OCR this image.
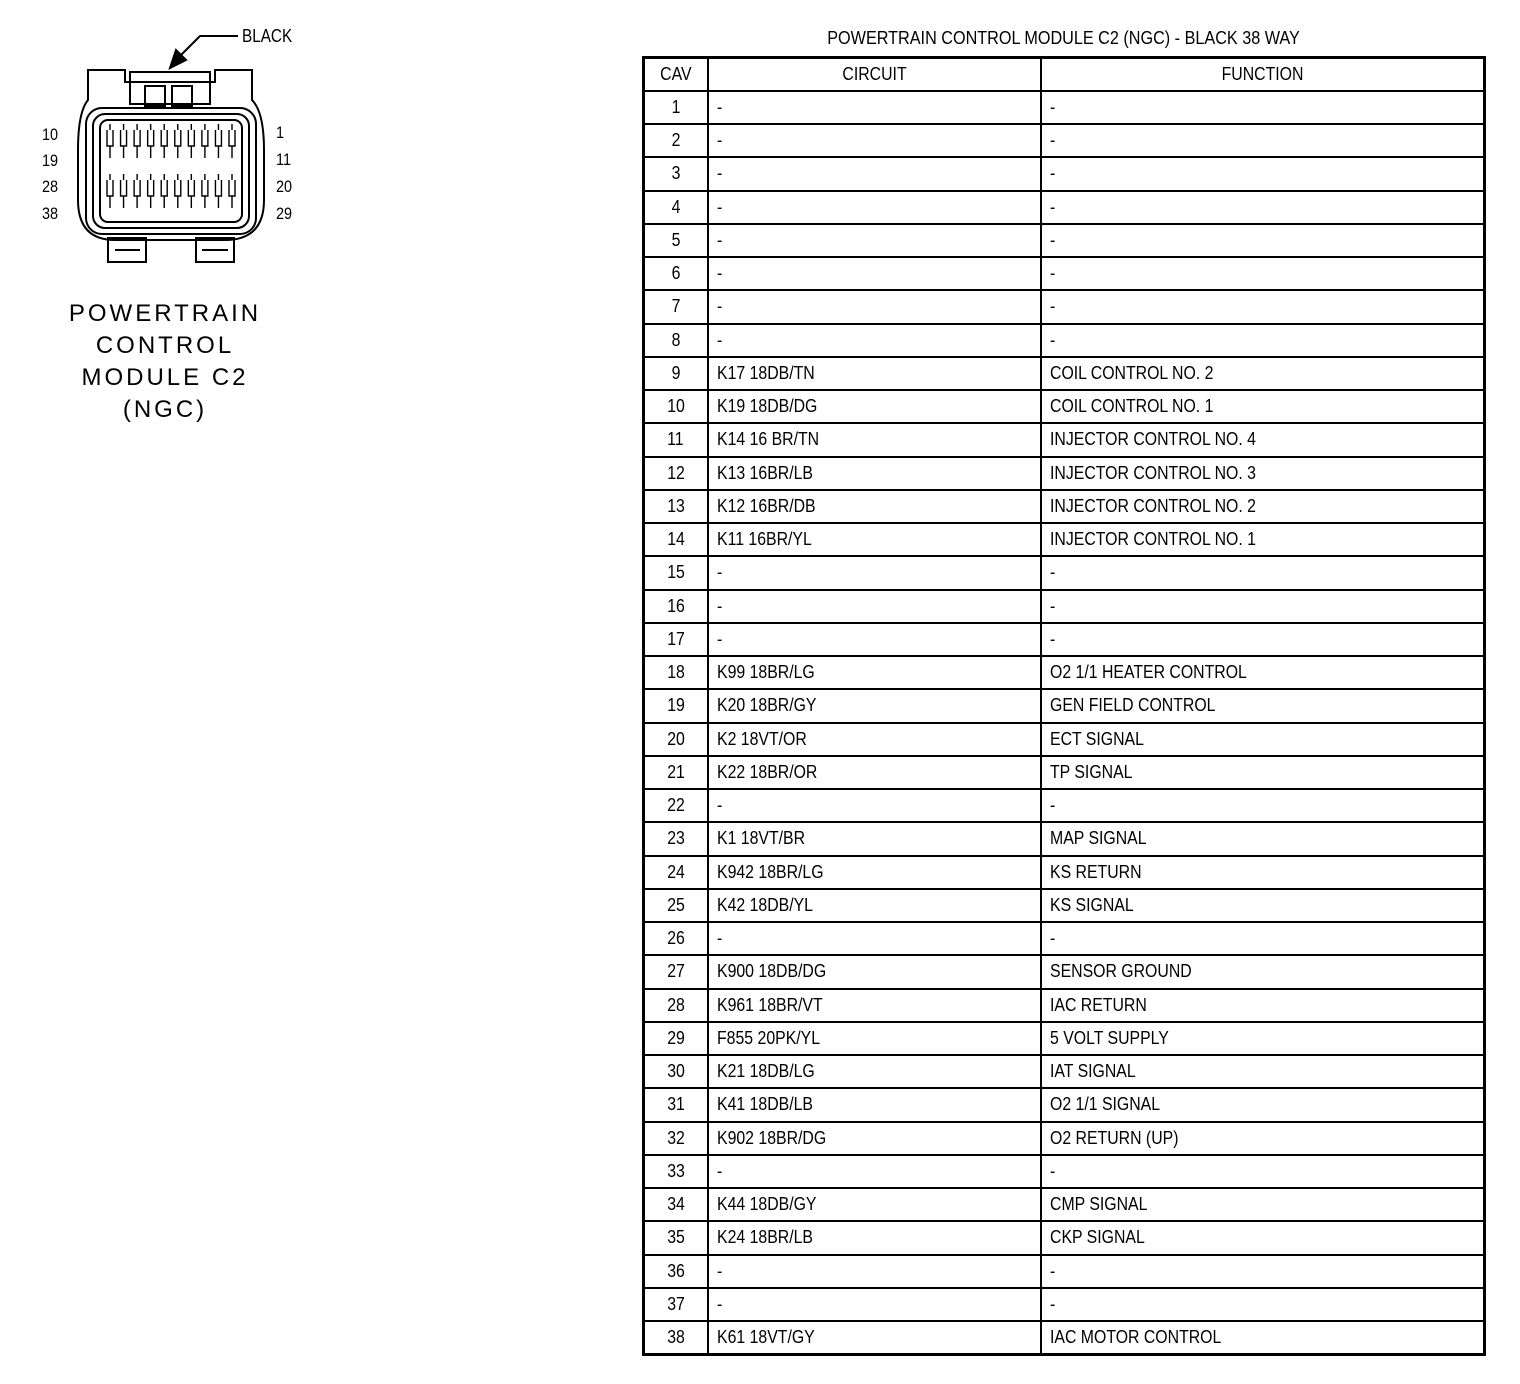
BLACK
10
19
28
38
1
11
20
29
POWERTRAIN
CONTROL
MODULE C2
(NGC)
POWERTRAIN CONTROL MODULE C2 (NGC) - BLACK 38 WAY
CAV	CIRCUIT	FUNCTION
1	-	-
2	-	-
3	-	-
4	-	-
5	-	-
6	-	-
7	-	-
8	-	-
9	K17 18DB/TN	COIL CONTROL NO. 2
10	K19 18DB/DG	COIL CONTROL NO. 1
11	K14 16 BR/TN	INJECTOR CONTROL NO. 4
12	K13 16BR/LB	INJECTOR CONTROL NO. 3
13	K12 16BR/DB	INJECTOR CONTROL NO. 2
14	K11 16BR/YL	INJECTOR CONTROL NO. 1
15	-	-
16	-	-
17	-	-
18	K99 18BR/LG	O2 1/1 HEATER CONTROL
19	K20 18BR/GY	GEN FIELD CONTROL
20	K2 18VT/OR	ECT SIGNAL
21	K22 18BR/OR	TP SIGNAL
22	-	-
23	K1 18VT/BR	MAP SIGNAL
24	K942 18BR/LG	KS RETURN
25	K42 18DB/YL	KS SIGNAL
26	-	-
27	K900 18DB/DG	SENSOR GROUND
28	K961 18BR/VT	IAC RETURN
29	F855 20PK/YL	5 VOLT SUPPLY
30	K21 18DB/LG	IAT SIGNAL
31	K41 18DB/LB	O2 1/1 SIGNAL
32	K902 18BR/DG	O2 RETURN (UP)
33	-	-
34	K44 18DB/GY	CMP SIGNAL
35	K24 18BR/LB	CKP SIGNAL
36	-	-
37	-	-
38	K61 18VT/GY	IAC MOTOR CONTROL
